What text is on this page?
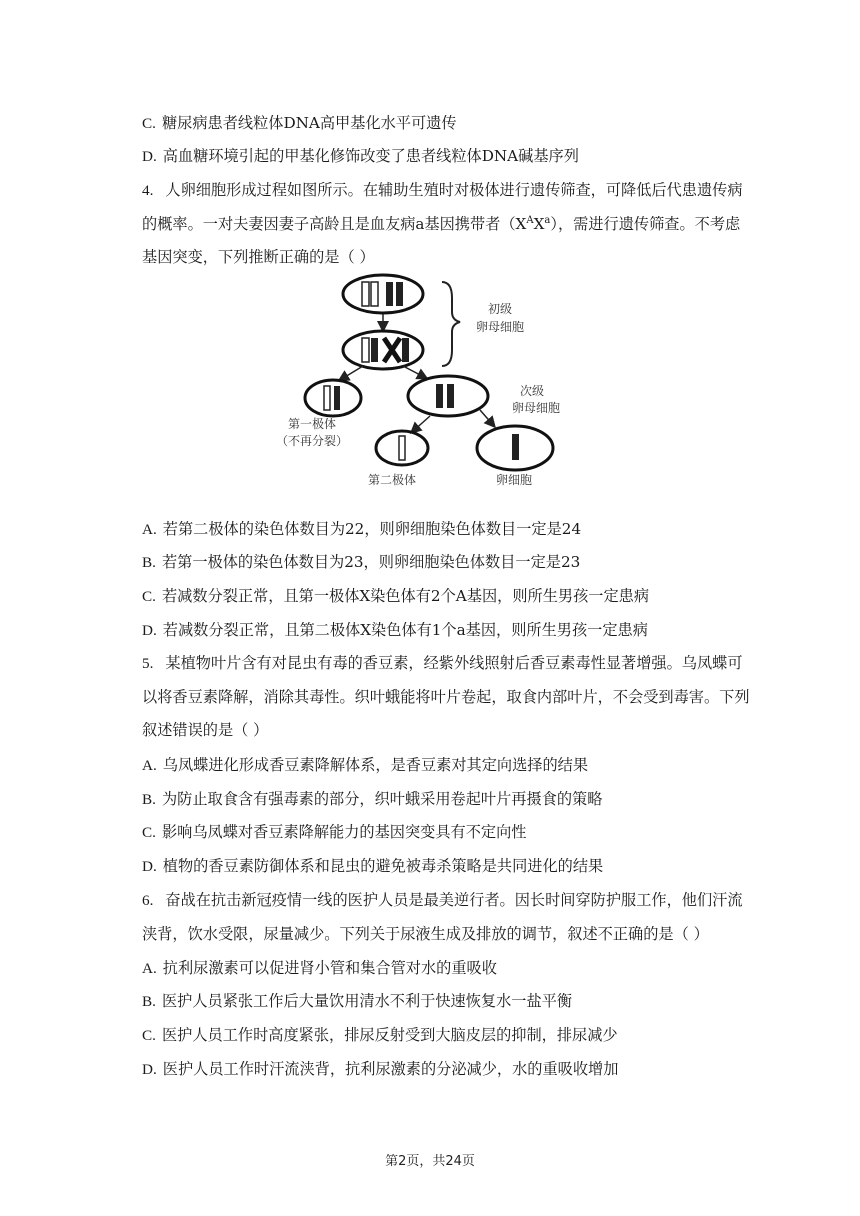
C. 糖尿病患者线粒体DNA高甲基化水平可遗传
D. 高血糖环境引起的甲基化修饰改变了患者线粒体DNA碱基序列
4. 人卵细胞形成过程如图所示。在辅助生殖时对极体进行遗传筛查，可降低后代患遗传病
的概率。一对夫妻因妻子高龄且是血友病a基因携带者$(X^AX^a)$，需进行遗传筛查。不考虑
基因突变，下列推断正确的是（ ）
初级
卵母细胞
第一极体
（不再分裂）
次级
卵母细胞
第二极体	卵细胞
A. 若第二极体的染色体数目为22，则卵细胞染色体数目一定是24
B. 若第一极体的染色体数目为23，则卵细胞染色体数目一定是23
C. 若减数分裂正常，且第一极体X染色体有2个A基因，则所生男孩一定患病
D. 若减数分裂正常，且第二极体X染色体有1个a基因，则所生男孩一定患病
5. 某植物叶片含有对昆虫有毒的香豆素，经紫外线照射后香豆素毒性显著增强。乌凤蝶可
以将香豆素降解，消除其毒性。织叶蛾能将叶片卷起，取食内部叶片，不会受到毒害。下列
叙述错误的是（ ）
A. 乌凤蝶进化形成香豆素降解体系，是香豆素对其定向选择的结果
B. 为防止取食含有强毒素的部分，织叶蛾采用卷起叶片再摄食的策略
C. 影响乌凤蝶对香豆素降解能力的基因突变具有不定向性
D. 植物的香豆素防御体系和昆虫的避免被毒杀策略是共同进化的结果
6. 奋战在抗击新冠疫情一线的医护人员是最美逆行者。因长时间穿防护服工作，他们汗流
浃背，饮水受限，尿量减少。下列关于尿液生成及排放的调节，叙述不正确的是（ ）
A. 抗利尿激素可以促进肾小管和集合管对水的重吸收
B. 医护人员紧张工作后大量饮用清水不利于快速恢复水一盐平衡
C. 医护人员工作时高度紧张，排尿反射受到大脑皮层的抑制，排尿减少
D. 医护人员工作时汗流浃背，抗利尿激素的分泌减少，水的重吸收增加
第2页，共24页
